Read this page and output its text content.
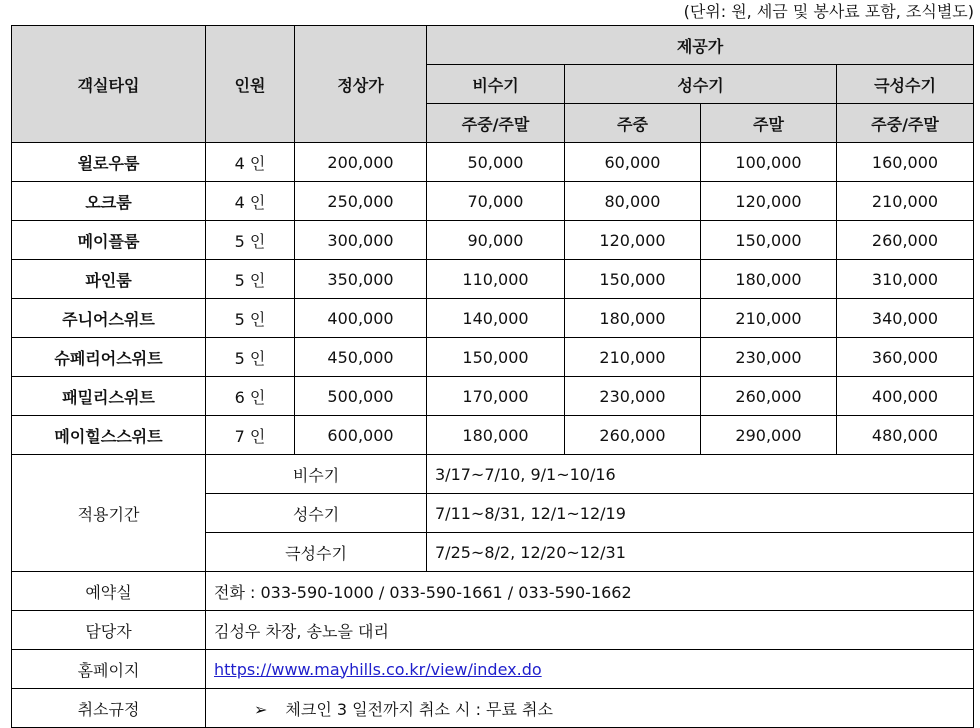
(단위: 원, 세금 및 봉사료 포함, 조식별도)
객실타입	인원	정상가	제공가			
			비수기	성수기		극성수기
			주중/주말	주중	주말	주중/주말
윌로우룸	4 인	200,000	50,000	60,000	100,000	160,000
오크룸	4 인	250,000	70,000	80,000	120,000	210,000
메이플룸	5 인	300,000	90,000	120,000	150,000	260,000
파인룸	5 인	350,000	110,000	150,000	180,000	310,000
주니어스위트	5 인	400,000	140,000	180,000	210,000	340,000
슈페리어스위트	5 인	450,000	150,000	210,000	230,000	360,000
패밀리스위트	6 인	500,000	170,000	230,000	260,000	400,000
메이힐스스위트	7 인	600,000	180,000	260,000	290,000	480,000
적용기간	비수기		3/17~7/10, 9/1~10/16			
	성수기		7/11~8/31, 12/1~12/19			
	극성수기		7/25~8/2, 12/20~12/31			
예약실	전화 : 033-590-1000 / 033-590-1661 / 033-590-1662					
담당자	김성우 차장, 송노을 대리					
홈페이지	https://www.mayhills.co.kr/view/index.do					
취소규정	➢ 체크인 3 일전까지 취소 시 : 무료 취소					
